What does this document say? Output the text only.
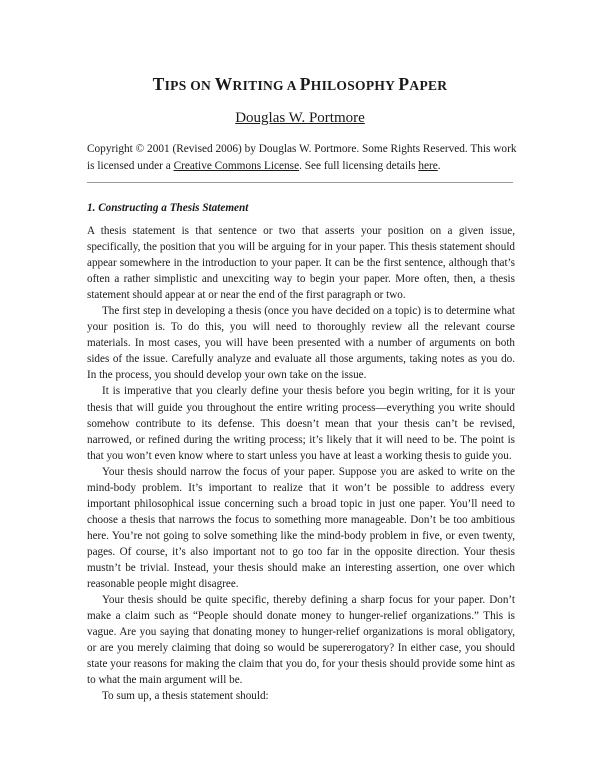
TIPS ON WRITING A PHILOSOPHY PAPER
Douglas W. Portmore
Copyright © 2001 (Revised 2006) by Douglas W. Portmore. Some Rights Reserved. This work is licensed under a Creative Commons License. See full licensing details here.
1. Constructing a Thesis Statement

A thesis statement is that sentence or two that asserts your position on a given issue, specifically, the position that you will be arguing for in your paper. This thesis statement should appear somewhere in the introduction to your paper. It can be the first sentence, although that’s often a rather simplistic and unexciting way to begin your paper. More often, then, a thesis statement should appear at or near the end of the first paragraph or two.

The first step in developing a thesis (once you have decided on a topic) is to determine what your position is. To do this, you will need to thoroughly review all the relevant course materials. In most cases, you will have been presented with a number of arguments on both sides of the issue. Carefully analyze and evaluate all those arguments, taking notes as you do. In the process, you should develop your own take on the issue.

It is imperative that you clearly define your thesis before you begin writing, for it is your thesis that will guide you throughout the entire writing process—everything you write should somehow contribute to its defense. This doesn’t mean that your thesis can’t be revised, narrowed, or refined during the writing process; it’s likely that it will need to be. The point is that you won’t even know where to start unless you have at least a working thesis to guide you.

Your thesis should narrow the focus of your paper. Suppose you are asked to write on the mind-body problem. It’s important to realize that it won’t be possible to address every important philosophical issue concerning such a broad topic in just one paper. You’ll need to choose a thesis that narrows the focus to something more manageable. Don’t be too ambitious here. You’re not going to solve something like the mind-body problem in five, or even twenty, pages. Of course, it’s also important not to go too far in the opposite direction. Your thesis mustn’t be trivial. Instead, your thesis should make an interesting assertion, one over which reasonable people might disagree.

Your thesis should be quite specific, thereby defining a sharp focus for your paper. Don’t make a claim such as “People should donate money to hunger-relief organizations.” This is vague. Are you saying that donating money to hunger-relief organizations is moral obligatory, or are you merely claiming that doing so would be supererogatory? In either case, you should state your reasons for making the claim that you do, for your thesis should provide some hint as to what the main argument will be.

To sum up, a thesis statement should:
